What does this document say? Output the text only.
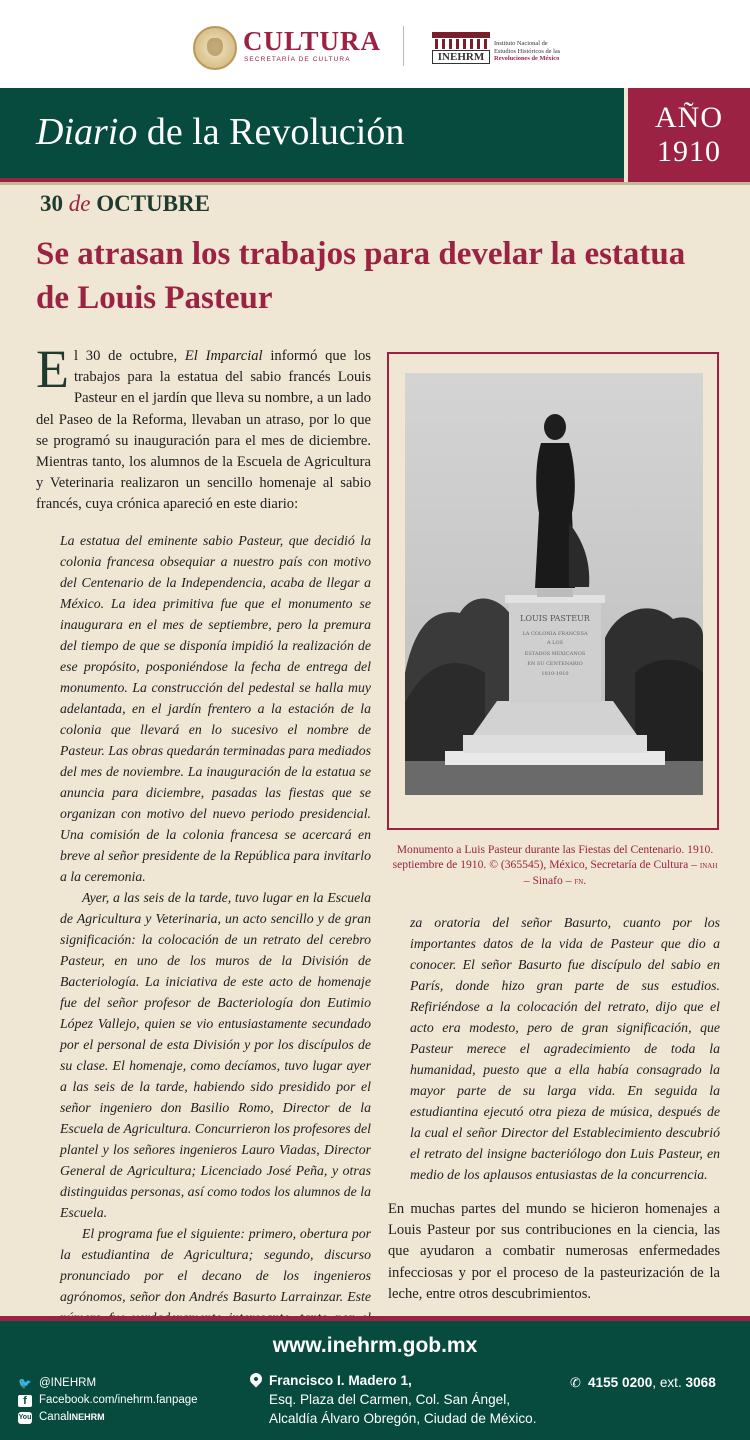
CULTURA
SECRETARÍA DE CULTURA	INEHRM
Instituto Nacional de
Estudios Históricos de las
Revoluciones de México
Diario de la Revolución	AÑO
1910
30 de OCTUBRE
Se atrasan los trabajos para develar la estatua de Louis Pasteur

El 30 de octubre, El Imparcial informó que los trabajos para la estatua del sabio francés Louis Pasteur en el jardín que lleva su nombre, a un lado del Paseo de la Reforma, llevaban un atraso, por lo que se programó su inauguración para el mes de diciembre. Mientras tanto, los alumnos de la Escuela de Agricultura y Veterinaria realizaron un sencillo homenaje al sabio francés, cuya crónica apareció en este diario:

La estatua del eminente sabio Pasteur, que decidió la colonia francesa obsequiar a nuestro país con motivo del Centenario de la Independencia, acaba de llegar a México. La idea primitiva fue que el monumento se inaugurara en el mes de septiembre, pero la premura del tiempo de que se disponía impidió la realización de ese propósito, posponiéndose la fecha de entrega del monumento. La construcción del pedestal se halla muy adelantada, en el jardín frentero a la estación de la colonia que llevará en lo sucesivo el nombre de Pasteur. Las obras quedarán terminadas para mediados del mes de noviembre. La inauguración de la estatua se anuncia para diciembre, pasadas las fiestas que se organizan con motivo del nuevo periodo presidencial. Una comisión de la colonia francesa se acercará en breve al señor presidente de la República para invitarlo a la ceremonia.

Ayer, a las seis de la tarde, tuvo lugar en la Escuela de Agricultura y Veterinaria, un acto sencillo y de gran significación: la colocación de un retrato del cerebro Pasteur, en uno de los muros de la División de Bacteriología. La iniciativa de este acto de homenaje fue del señor profesor de Bacteriología don Eutimio López Vallejo, quien se vio entusiastamente secundado por el personal de esta División y por los discípulos de su clase. El homenaje, como decíamos, tuvo lugar ayer a las seis de la tarde, habiendo sido presidido por el señor ingeniero don Basilio Romo, Director de la Escuela de Agricultura. Concurrieron los profesores del plantel y los señores ingenieros Lauro Viadas, Director General de Agricultura; Licenciado José Peña, y otras distinguidas personas, así como todos los alumnos de la Escuela.

El programa fue el siguiente: primero, obertura por la estudiantina de Agricultura; segundo, discurso pronunciado por el decano de los ingenieros agrónomos, señor don Andrés Basurto Larrainzar. Este

LOUIS PASTEUR
LA COLONIA FRANCESA
A LOS
ESTADOS MEXICANOS
EN SU CENTENARIO
1810-1910
Monumento a Luis Pasteur durante las Fiestas del Centenario. 1910. septiembre de 1910. © (365545), México, Secretaría de Cultura – inah – Sinafo – fn.

za oratoria del señor Basurto, cuanto por los importantes datos de la vida de Pasteur que dio a conocer. El señor Basurto fue discípulo del sabio en París, donde hizo gran parte de sus estudios. Refiriéndose a la colocación del retrato, dijo que el acto era modesto, pero de gran significación, que Pasteur merece el agradecimiento de toda la humanidad, puesto que a ella había consagrado la mayor parte de su larga vida. En seguida la estudiantina ejecutó otra pieza de música, después de la cual el señor Director del Establecimiento descubrió el retrato del insigne bacteriólogo don Luis Pasteur, en medio de los aplausos entusiastas de la concurrencia.

En muchas partes del mundo se hicieron homenajes a Louis Pasteur por sus contribuciones en la ciencia, las que ayudaron a combatir numerosas enfermedades infecciosas y por el proceso de la pasteurización de la leche, entre otros descubrimientos.

www.inehrm.gob.mx
🐦 @INEHRM
f	Facebook.com/inehrm.fanpage
You Canal INEHRM
Francisco I. Madero 1,
Esq. Plaza del Carmen, Col. San Ángel,
Alcaldía Álvaro Obregón, Ciudad de México.
✆ 4155 0200, ext. 3068
